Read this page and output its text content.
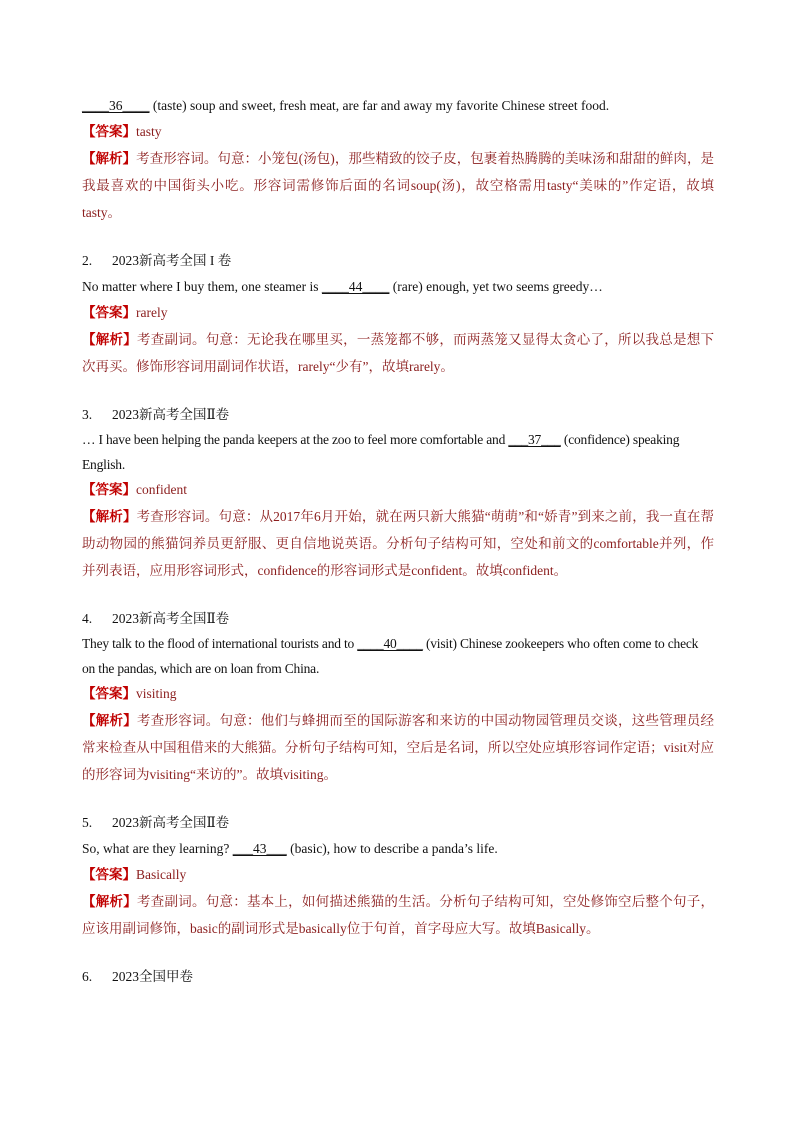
____36____ (taste) soup and sweet, fresh meat, are far and away my favorite Chinese street food.
【答案】tasty
【解析】考查形容词。句意：小笼包(汤包)，那些精致的饺子皮，包裹着热腾腾的美味汤和甜甜的鲜肉，是我最喜欢的中国街头小吃。形容词需修饰后面的名词soup(汤)，故空格需用tasty“美味的”作定语，故填tasty。
2. 2023新高考全国 I 卷
No matter where I buy them, one steamer is ____44____ (rare) enough, yet two seems greedy…
【答案】rarely
【解析】考查副词。句意：无论我在哪里买，一蒸笼都不够，而两蒸笼又显得太贪心了，所以我总是想下次再买。修饰形容词用副词作状语，rarely“少有”，故填rarely。
3. 2023新高考全国Ⅱ卷
… I have been helping the panda keepers at the zoo to feel more comfortable and ___37___ (confidence) speaking English.
【答案】confident
【解析】考查形容词。句意：从2017年6月开始，就在两只新大熊猫“萌萌”和“娇青”到来之前，我一直在帮助动物园的熊猫饲养员更舒服、更自信地说英语。分析句子结构可知，空处和前文的comfortable并列，作并列表语，应用形容词形式，confidence的形容词形式是confident。故填confident。
4. 2023新高考全国Ⅱ卷
They talk to the flood of international tourists and to ____40____ (visit) Chinese zookeepers who often come to check on the pandas, which are on loan from China.
【答案】visiting
【解析】考查形容词。句意：他们与蜂拥而至的国际游客和来访的中国动物园管理员交谈，这些管理员经常来检查从中国租借来的大熊猫。分析句子结构可知，空后是名词，所以空处应填形容词作定语；visit对应的形容词为visiting“来访的”。故填visiting。
5. 2023新高考全国Ⅱ卷
So, what are they learning? ___43___ (basic), how to describe a panda’s life.
【答案】Basically
【解析】考查副词。句意：基本上，如何描述熊猫的生活。分析句子结构可知，空处修饰空后整个句子，应该用副词修饰，basic的副词形式是basically位于句首，首字母应大写。故填Basically。
6. 2023全国甲卷
